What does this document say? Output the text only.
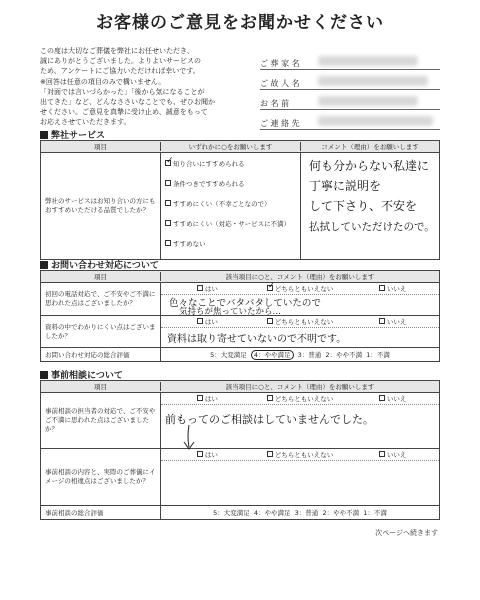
お客様のご意見をお聞かせください
この度は大切なご葬儀を弊社にお任せいただき、
誠にありがとうございました。よりよいサービスの
ため、アンケートにご協力いただければ幸いです。
※回答は任意の項目のみで構いません。
「対面では言いづらかった」「後から気になることが
出てきた」など、どんなささいなことでも、ぜひお聞か
せください。ご意見を真摯に受け止め、誠意をもって
お応えさせていただきます。
ご 葬 家 名
ご 故 人 名
お 名 前
ご 連 絡 先
弊社サービス
項目	いずれかに○をお願いします	コメント（理由）をお願いします
弊社のサービスはお知り合いの方にもおすすめいただける品質でしたか？
✓
知り合いにすすめられる
条件つきですすめられる
すすめにくい（不幸ごとなので）
すすめにくい（対応・サービスに不満）
すすめない
何も分からない私達に
丁寧に説明を
して下さり、不安を
払拭していただけたので。
お問い合わせ対応について
項目	該当項目に○と、コメント（理由）をお願いします
初回の電話対応で、ご不安やご不満に思われた点はございましたか？
はい
✓	どちらともいえない	いいえ
色々なことでバタバタしていたので
気持ちが焦っていたから…
資料の中でわかりにくい点はございましたか？
はい	どちらともいえない	いいえ
資料は取り寄せていないので不明です。
お問い合わせ対応の総合評価	5：大変満足 4：やや満足 3：普通 2：やや不満 1：不満
事前相談について
項目	該当項目に○と、コメント（理由）をお願いします
事前相談の担当者の対応で、ご不安やご不満に思われた点はございましたか？
はい	どちらともいえない	いいえ
前もってのご相談はしていませんでした。
事前相談の内容と、実際のご葬儀にイメージの相違点はございましたか？
はい	どちらともいえない	いいえ
事前相談の総合評価	5：大変満足 4：やや満足 3：普通 2：やや不満 1：不満
次ページへ続きます
